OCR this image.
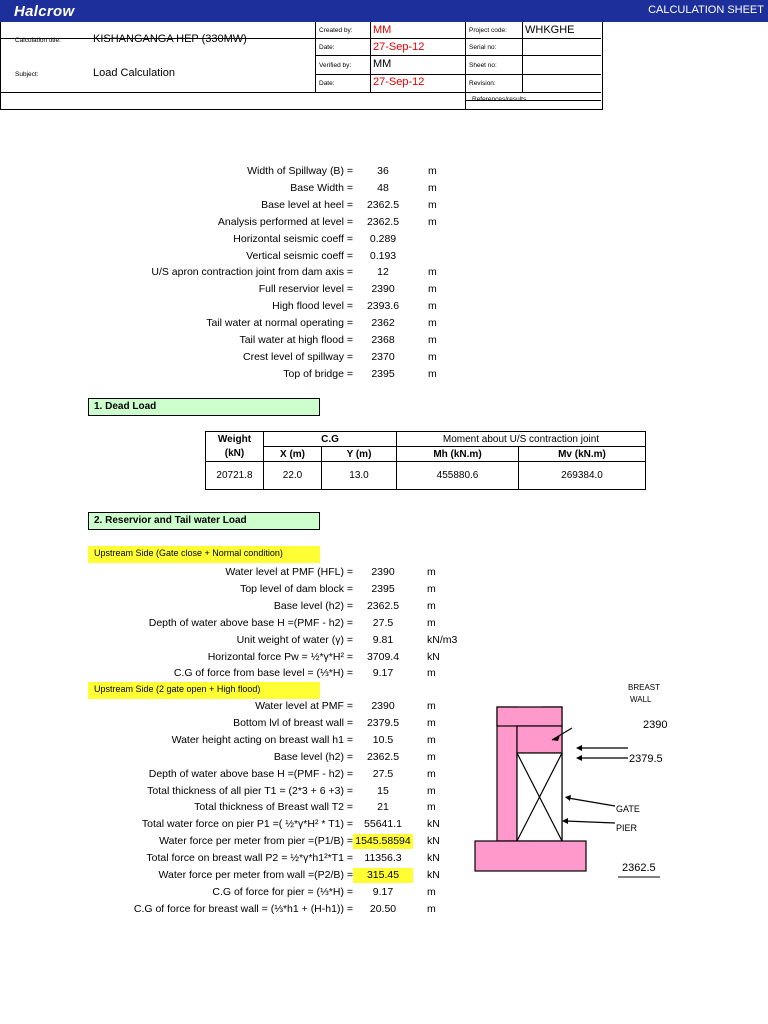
Halcrow	CALCULATION SHEET
Calculation title:	KISHANGANGA HEP (330MW)
Subject:	Load Calculation
Created by: MM
Date:	27-Sep-12
Verified by: MM
Date:	27-Sep-12
Project code: WHKGHE
Serial no:
Sheet no:
Revision:
References/results
Width of Spillway (B) =	36	m
Base Width =	48	m
Base level at heel =	2362.5	m
Analysis performed at level =	2362.5	m
Horizontal seismic coeff =	0.289
Vertical seismic coeff =	0.193
U/S apron contraction joint from dam axis =	12	m
Full reservior level =	2390	m
High flood level =	2393.6	m
Tail water at normal operating =	2362	m
Tail water at high flood =	2368	m
Crest level of spillway =	2370	m
Top of bridge =	2395	m
1. Dead Load
Weight	C.G		Moment about U/S contraction joint	
(kN)	X (m)	Y (m)	Mh (kN.m)	Mv (kN.m)
20721.8	22.0	13.0	455880.6	269384.0
2. Reservior and Tail water Load
Upstream Side (Gate close + Normal condition)
Water level at PMF (HFL) =	2390	m
Top level of dam block =	2395	m
Base level (h2) =	2362.5	m
Depth of water above base H =(PMF - h2) =	27.5	m
Unit weight of water (γ) =	9.81	kN/m3
Horizontal force Pw = ½*γ*H² =	3709.4	kN
C.G of force from base level = (⅓*H) =	9.17	m
Upstream Side (2 gate open + High flood)
Water level at PMF =	2390	m
Bottom lvl of breast wall =	2379.5	m
Water height acting on breast wall h1 =	10.5	m
Base level (h2) =	2362.5	m
Depth of water above base H =(PMF - h2) =	27.5	m
Total thickness of all pier T1 = (2*3 + 6 +3) =	15	m
Total thickness of Breast wall T2 =	21	m
Total water force on pier P1 =( ½*γ*H² * T1) =	55641.1	kN
Water force per meter from pier =(P1/B) = 1545.58594 kN
Total force on breast wall P2 = ½*γ*h1²*T1 =	11356.3	kN
Water force per meter from wall =(P2/B) =	315.45	kN
C.G of force for pier = (⅓*H) =	9.17	m
C.G of force for breast wall = (⅓*h1 + (H-h1)) =	20.50	m
BREAST
WALL
2390
2379.5
GATE
PIER
2362.5
